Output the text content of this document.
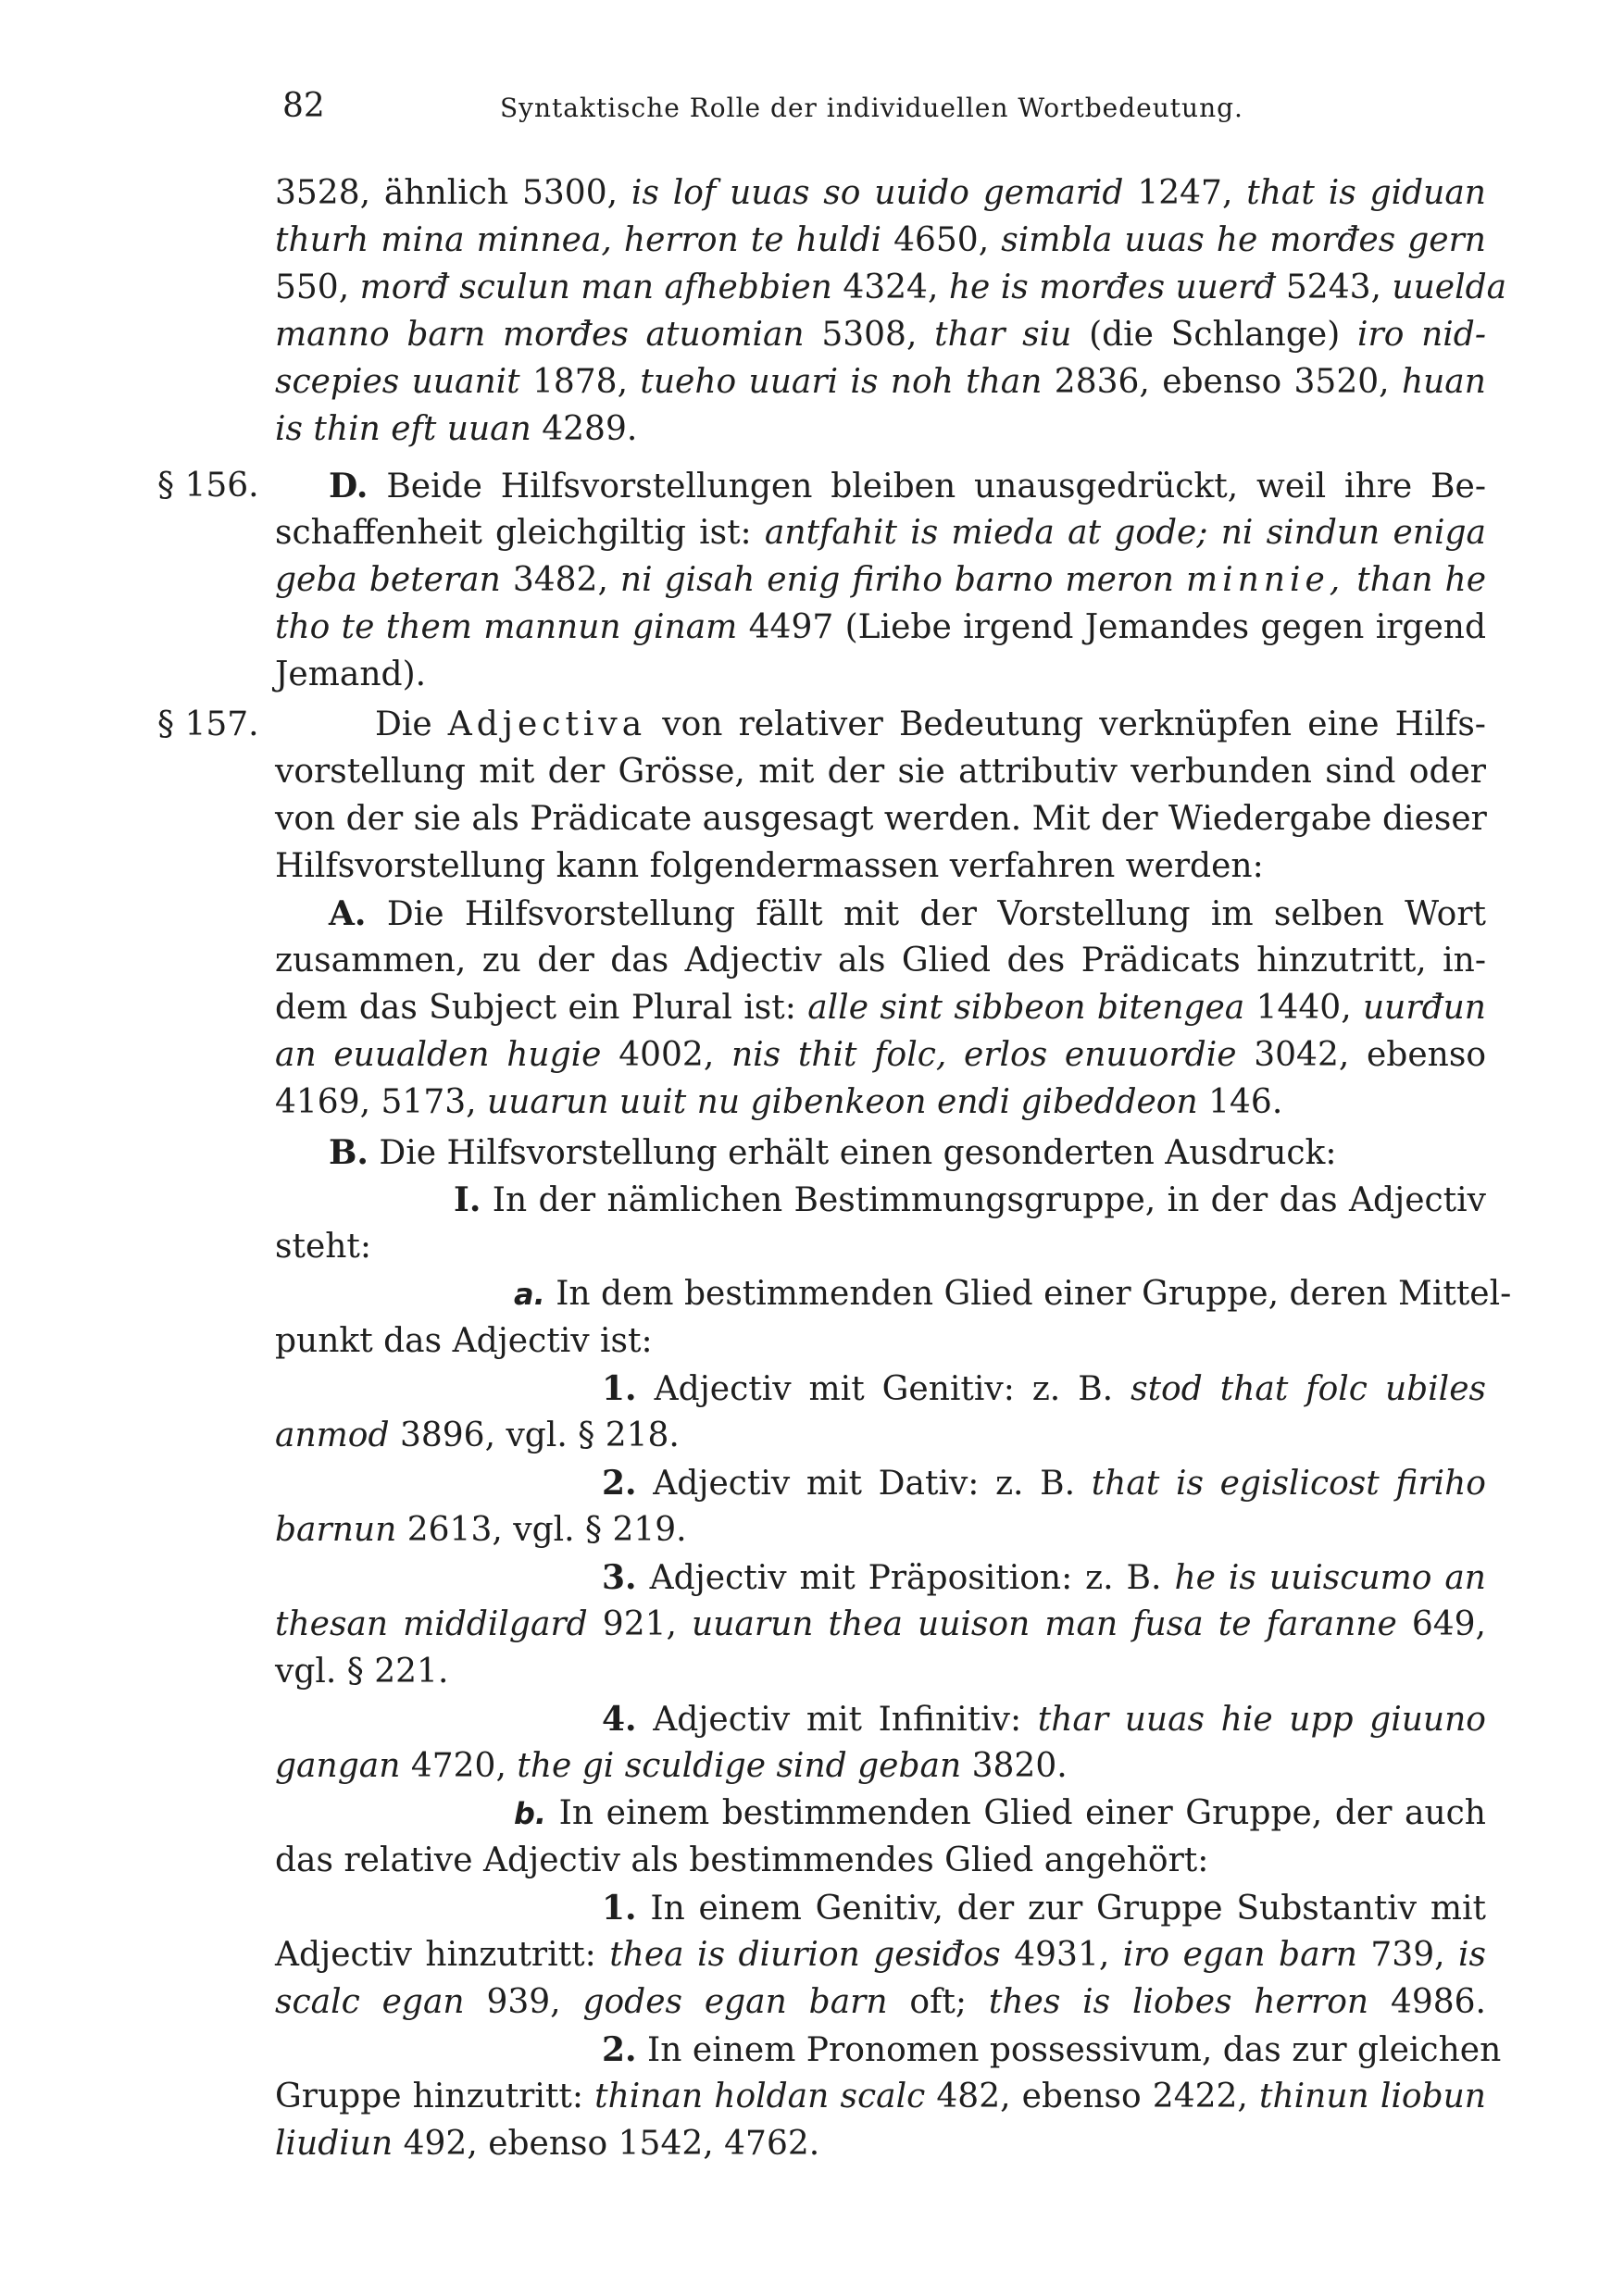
82	Syntaktische Rolle der individuellen Wortbedeutung.
3528, ähnlich 5300, is lof uuas so uuido gemarid 1247, that is giduan
thurh mina minnea, herron te huldi 4650, simbla uuas he morđes gern
550, morđ sculun man afhebbien 4324, he is morđes uuerđ 5243, uuelda
manno barn morđes atuomian 5308, thar siu (die Schlange) iro nid-
scepies uuanit 1878, tueho uuari is noh than 2836, ebenso 3520, huan
is thin eft uuan 4289.
§ 156. D. Beide Hilfsvorstellungen bleiben unausgedrückt, weil ihre Be-
schaffenheit gleichgiltig ist: antfahit is mieda at gode; ni sindun eniga
geba beteran 3482, ni gisah enig firiho barno meron minnie, than he
tho te them mannun ginam 4497 (Liebe irgend Jemandes gegen irgend
Jemand).
§ 157.	Die Adjectiva von relativer Bedeutung verknüpfen eine Hilfs-
vorstellung mit der Grösse, mit der sie attributiv verbunden sind oder
von der sie als Prädicate ausgesagt werden. Mit der Wiedergabe dieser
Hilfsvorstellung kann folgendermassen verfahren werden:
A. Die Hilfsvorstellung fällt mit der Vorstellung im selben Wort
zusammen, zu der das Adjectiv als Glied des Prädicats hinzutritt, in-
dem das Subject ein Plural ist: alle sint sibbeon bitengea 1440, uurđun
an euualden hugie 4002, nis thit folc, erlos enuuordie 3042, ebenso
4169, 5173, uuarun uuit nu gibenkeon endi gibeddeon 146.
B. Die Hilfsvorstellung erhält einen gesonderten Ausdruck:
I. In der nämlichen Bestimmungsgruppe, in der das Adjectiv
steht:
a. In dem bestimmenden Glied einer Gruppe, deren Mittel-
punkt das Adjectiv ist:
1. Adjectiv mit Genitiv: z. B. stod that folc ubiles
anmod 3896, vgl. § 218.
2. Adjectiv mit Dativ: z. B. that is egislicost firiho
barnun 2613, vgl. § 219.
3. Adjectiv mit Präposition: z. B. he is uuiscumo an
thesan middilgard 921, uuarun thea uuison man fusa te faranne 649,
vgl. § 221.
4. Adjectiv mit Infinitiv: thar uuas hie upp giuuno
gangan 4720, the gi sculdige sind geban 3820.
b. In einem bestimmenden Glied einer Gruppe, der auch
das relative Adjectiv als bestimmendes Glied angehört:
1. In einem Genitiv, der zur Gruppe Substantiv mit
Adjectiv hinzutritt: thea is diurion gesiđos 4931, iro egan barn 739, is
scalc egan 939, godes egan barn oft; thes is liobes herron 4986.
2. In einem Pronomen possessivum, das zur gleichen
Gruppe hinzutritt: thinan holdan scalc 482, ebenso 2422, thinun liobun
liudiun 492, ebenso 1542, 4762.
